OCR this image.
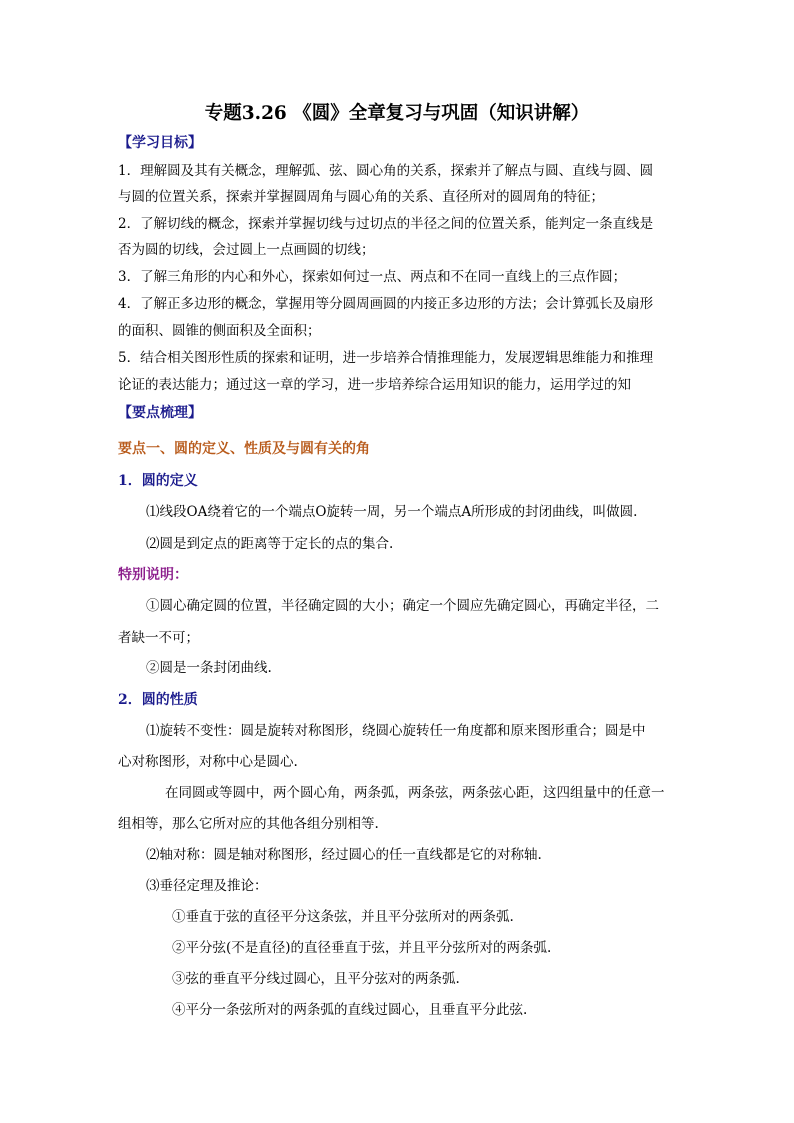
专题3.26 《圆》全章复习与巩固（知识讲解）
【学习目标】
1．理解圆及其有关概念，理解弧、弦、圆心角的关系，探索并了解点与圆、直线与圆、圆
与圆的位置关系，探索并掌握圆周角与圆心角的关系、直径所对的圆周角的特征；
2．了解切线的概念，探索并掌握切线与过切点的半径之间的位置关系，能判定一条直线是
否为圆的切线，会过圆上一点画圆的切线；
3．了解三角形的内心和外心，探索如何过一点、两点和不在同一直线上的三点作圆；
4．了解正多边形的概念，掌握用等分圆周画圆的内接正多边形的方法；会计算弧长及扇形
的面积、圆锥的侧面积及全面积；
5．结合相关图形性质的探索和证明，进一步培养合情推理能力，发展逻辑思维能力和推理
论证的表达能力；通过这一章的学习，进一步培养综合运用知识的能力，运用学过的知
【要点梳理】
要点一、圆的定义、性质及与圆有关的角
1．圆的定义
⑴线段OA绕着它的一个端点O旋转一周，另一个端点A所形成的封闭曲线，叫做圆.
⑵圆是到定点的距离等于定长的点的集合.
特别说明：
①圆心确定圆的位置，半径确定圆的大小；确定一个圆应先确定圆心，再确定半径，二
者缺一不可；
②圆是一条封闭曲线.
2．圆的性质
⑴旋转不变性：圆是旋转对称图形，绕圆心旋转任一角度都和原来图形重合；圆是中
心对称图形，对称中心是圆心.
在同圆或等圆中，两个圆心角，两条弧，两条弦，两条弦心距，这四组量中的任意一
组相等，那么它所对应的其他各组分别相等.
⑵轴对称：圆是轴对称图形，经过圆心的任一直线都是它的对称轴.
⑶垂径定理及推论：
①垂直于弦的直径平分这条弦，并且平分弦所对的两条弧.
②平分弦(不是直径)的直径垂直于弦，并且平分弦所对的两条弧.
③弦的垂直平分线过圆心，且平分弦对的两条弧.
④平分一条弦所对的两条弧的直线过圆心，且垂直平分此弦.
